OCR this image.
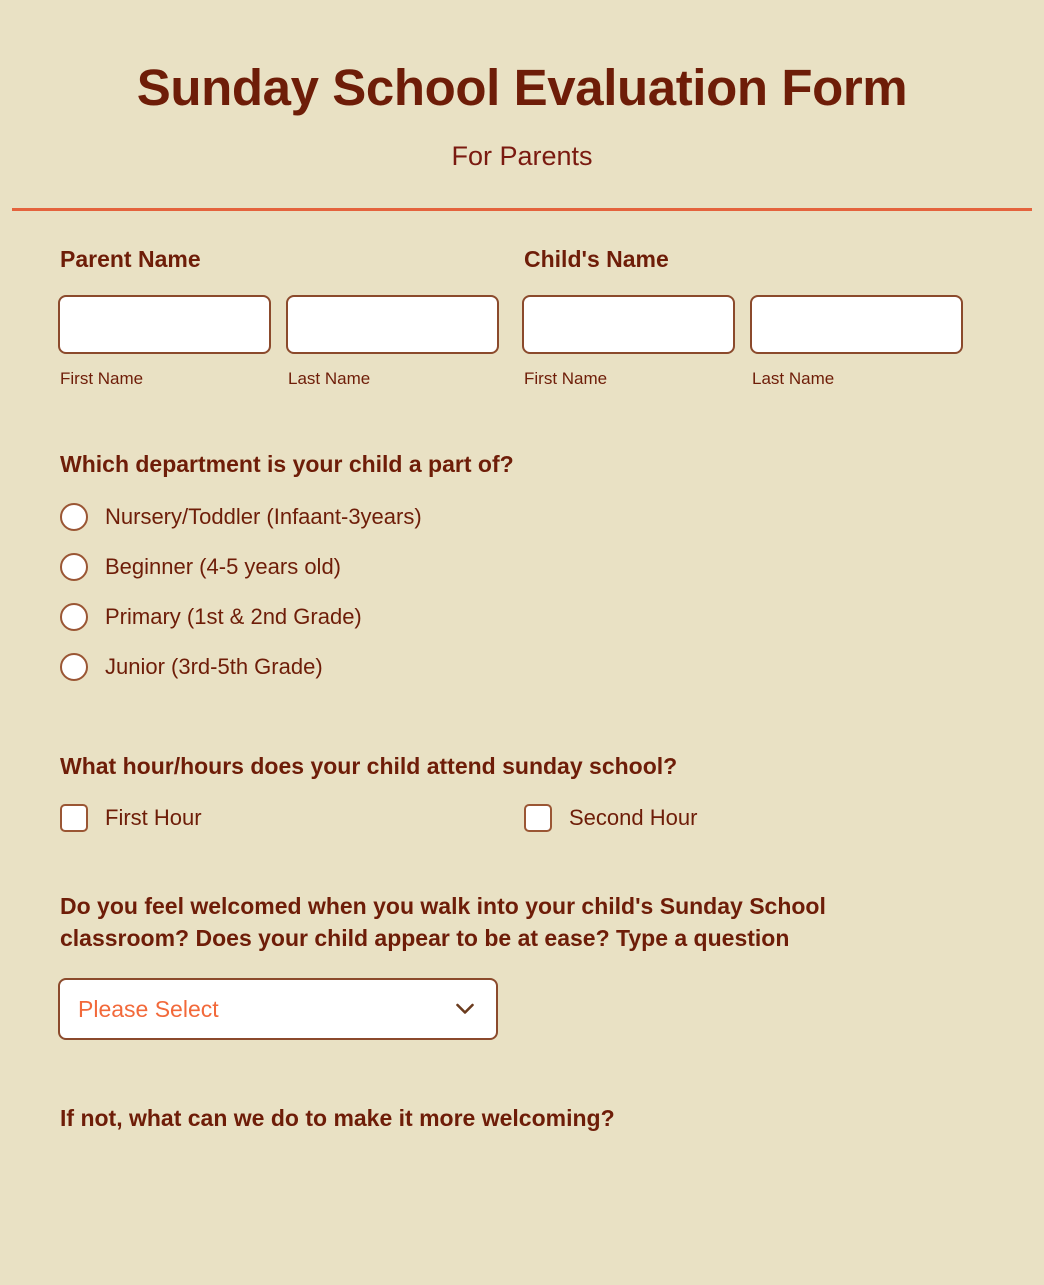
Sunday School Evaluation Form
For Parents
Parent Name
First Name	Last Name
Child's Name
First Name	Last Name
Which department is your child a part of?
Nursery/Toddler (Infaant-3years)
Beginner (4-5 years old)
Primary (1st & 2nd Grade)
Junior (3rd-5th Grade)
What hour/hours does your child attend sunday school?
First Hour	Second Hour
Do you feel welcomed when you walk into your child's Sunday School classroom? Does your child appear to be at ease? Type a question
Please Select
If not, what can we do to make it more welcoming?
